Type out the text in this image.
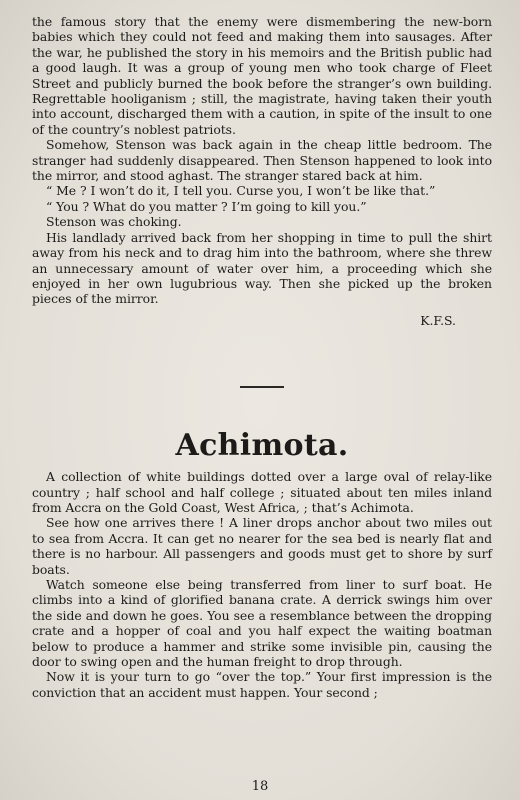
the famous story that the enemy were dismembering the new-born babies which they could not feed and making them into sausages. After the war, he published the story in his memoirs and the British public had a good laugh. It was a group of young men who took charge of Fleet Street and publicly burned the book before the stranger’s own building. Regrettable hooliganism ; still, the magistrate, having taken their youth into account, discharged them with a caution, in spite of the insult to one of the country’s noblest patriots.

Somehow, Stenson was back again in the cheap little bedroom. The stranger had suddenly disappeared. Then Stenson happened to look into the mirror, and stood aghast. The stranger stared back at him.

“ Me ? I won’t do it, I tell you. Curse you, I won’t be like that.”

“ You ? What do you matter ? I’m going to kill you.”

Stenson was choking.

His landlady arrived back from her shopping in time to pull the shirt away from his neck and to drag him into the bathroom, where she threw an unnecessary amount of water over him, a proceeding which she enjoyed in her own lugubrious way. Then she picked up the broken pieces of the mirror.

K.F.S.
Achimota.

A collection of white buildings dotted over a large oval of relay-like country ; half school and half college ; situated about ten miles inland from Accra on the Gold Coast, West Africa, ; that’s Achimota.

See how one arrives there ! A liner drops anchor about two miles out to sea from Accra. It can get no nearer for the sea bed is nearly flat and there is no harbour. All passengers and goods must get to shore by surf boats.

Watch someone else being transferred from liner to surf boat. He climbs into a kind of glorified banana crate. A derrick swings him over the side and down he goes. You see a resemblance between the dropping crate and a hopper of coal and you half expect the waiting boatman below to produce a hammer and strike some invisible pin, causing the door to swing open and the human freight to drop through.

Now it is your turn to go “over the top.” Your first impression is the conviction that an accident must happen. Your second ;

18
